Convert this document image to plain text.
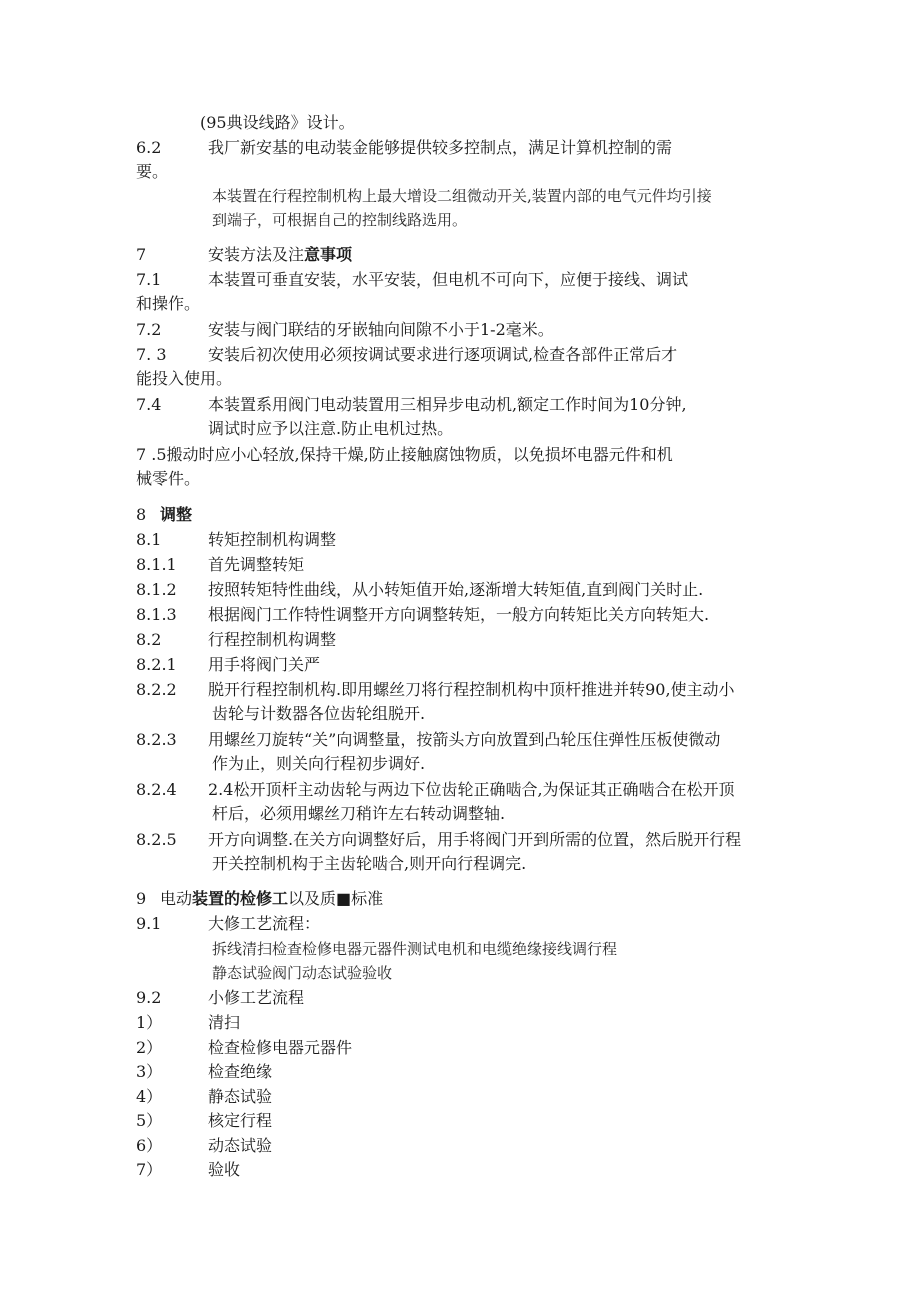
(95典设线路》设计。
6.2	我厂新安基的电动装金能够提供较多控制点，满足计算机控制的需
要。
本装置在行程控制机构上最大增设二组微动开关,装置内部的电气元件均引接
到端子，可根据自己的控制线路选用。
7	安装方法及注意事项
7.1	本装置可垂直安装，水平安装，但电机不可向下，应便于接线、调试
和操作。
7.2	安装与阀门联结的牙嵌轴向间隙不小于1-2毫米。
7. 3	安装后初次使用必须按调试要求进行逐项调试,检查各部件正常后才
能投入使用。
7.4	本装置系用阀门电动装置用三相异步电动机,额定工作时间为10分钟,
调试时应予以注意.防止电机过热。
7 .5搬动时应小心轻放,保持干燥,防止接触腐蚀物质，以免损坏电器元件和机
械零件。
8 调整
8.1	转矩控制机构调整
8.1.1 首先调整转矩
8.1.2 按照转矩特性曲线，从小转矩值开始,逐渐增大转矩值,直到阀门关时止.
8.1.3 根据阀门工作特性调整开方向调整转矩，一般方向转矩比关方向转矩大.
8.2	行程控制机构调整
8.2.1 用手将阀门关严
8.2.2 脱开行程控制机构.即用螺丝刀将行程控制机构中顶杆推进并转90,使主动小
齿轮与计数器各位齿轮组脱开.
8.2.3 用螺丝刀旋转“关”向调整量，按箭头方向放置到凸轮压住弹性压板使微动
作为止，则关向行程初步调好.
8.2.4 2.4松开顶杆主动齿轮与两边下位齿轮正确啮合,为保证其正确啮合在松开顶
杆后，必须用螺丝刀稍许左右转动调整轴.
8.2.5 开方向调整.在关方向调整好后，用手将阀门开到所需的位置，然后脱开行程
开关控制机构于主齿轮啮合,则开向行程调完.
9 电动装置的检修工以及质■标准
9.1	大修工艺流程：
拆线清扫检查检修电器元器件测试电机和电缆绝缘接线调行程
静态试验阀门动态试验验收
9.2	小修工艺流程
1）	清扫
2）	检查检修电器元器件
3）	检查绝缘
4）	静态试验
5）	核定行程
6）	动态试验
7）	验收
